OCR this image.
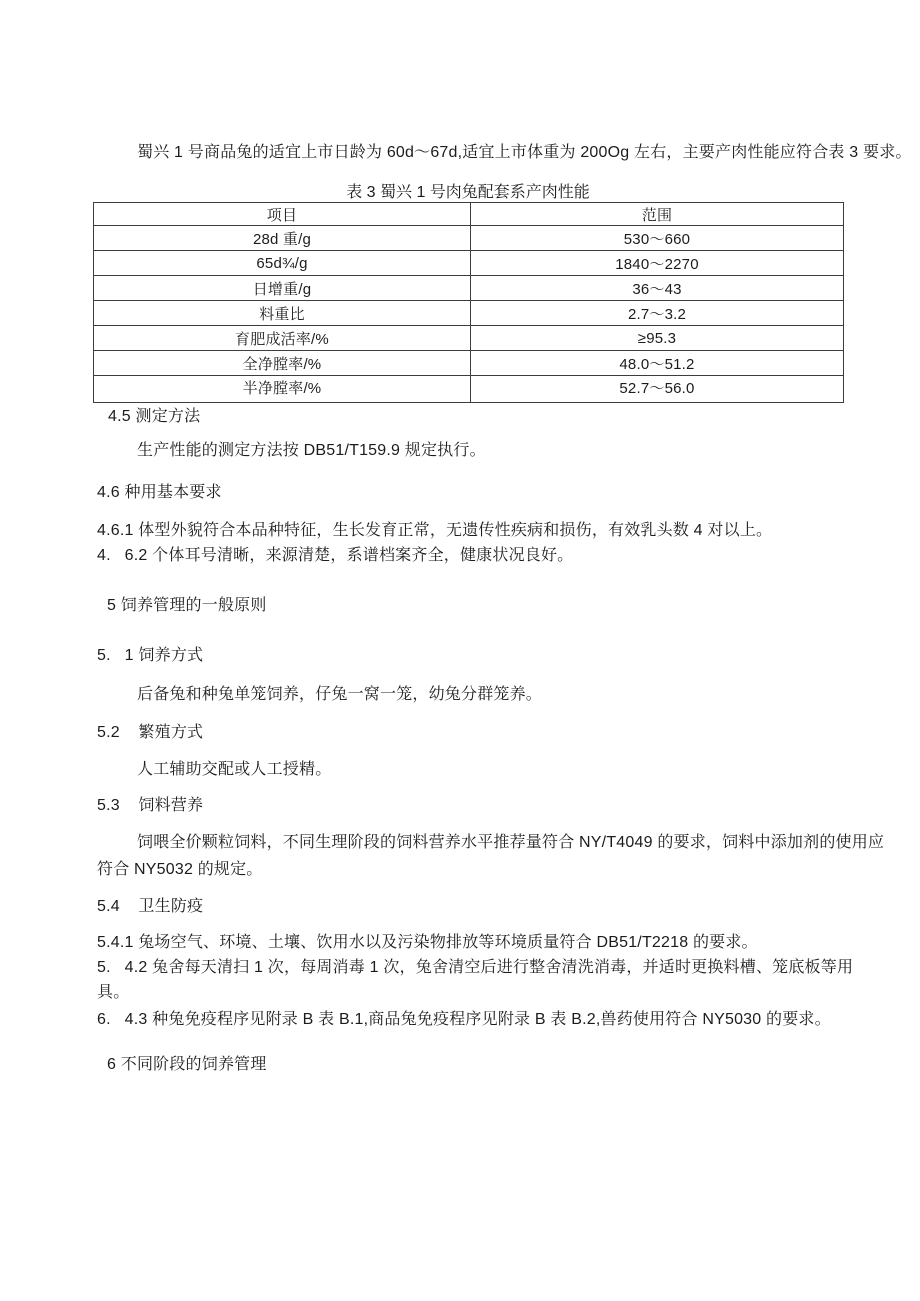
蜀兴 1 号商品兔的适宜上市日龄为 60d～67d,适宜上市体重为 200Og 左右，主要产肉性能应符合表 3 要求。
表 3 蜀兴 1 号肉兔配套系产肉性能
项目	范围
28d 重/g	530～660
65d¾/g	1840～2270
日增重/g	36～43
料重比	2.7～3.2
育肥成活率/%	≥95.3
全净膛率/%	48.0～51.2
半净膛率/%	52.7～56.0
4.5 测定方法
生产性能的测定方法按 DB51/T159.9 规定执行。
4.6 种用基本要求
4.6.1 体型外貌符合本品种特征，生长发育正常，无遗传性疾病和损伤，有效乳头数 4 对以上。
4.   6.2 个体耳号清晰，来源清楚，系谱档案齐全，健康状况良好。
5 饲养管理的一般原则
5.   1 饲养方式
后备兔和种兔单笼饲养，仔兔一窝一笼，幼兔分群笼养。
5.2    繁殖方式
人工辅助交配或人工授精。
5.3    饲料营养
饲喂全价颗粒饲料，不同生理阶段的饲料营养水平推荐量符合 NY/T4049 的要求，饲料中添加剂的使用应
符合 NY5032 的规定。
5.4    卫生防疫
5.4.1 兔场空气、环境、土壤、饮用水以及污染物排放等环境质量符合 DB51/T2218 的要求。
5.   4.2 兔舍每天清扫 1 次，每周消毒 1 次，兔舍清空后进行整舍清洗消毒，并适时更换料槽、笼底板等用
具。
6.   4.3 种兔免疫程序见附录 B 表 B.1,商品兔免疫程序见附录 B 表 B.2,兽药使用符合 NY5030 的要求。
6 不同阶段的饲养管理
